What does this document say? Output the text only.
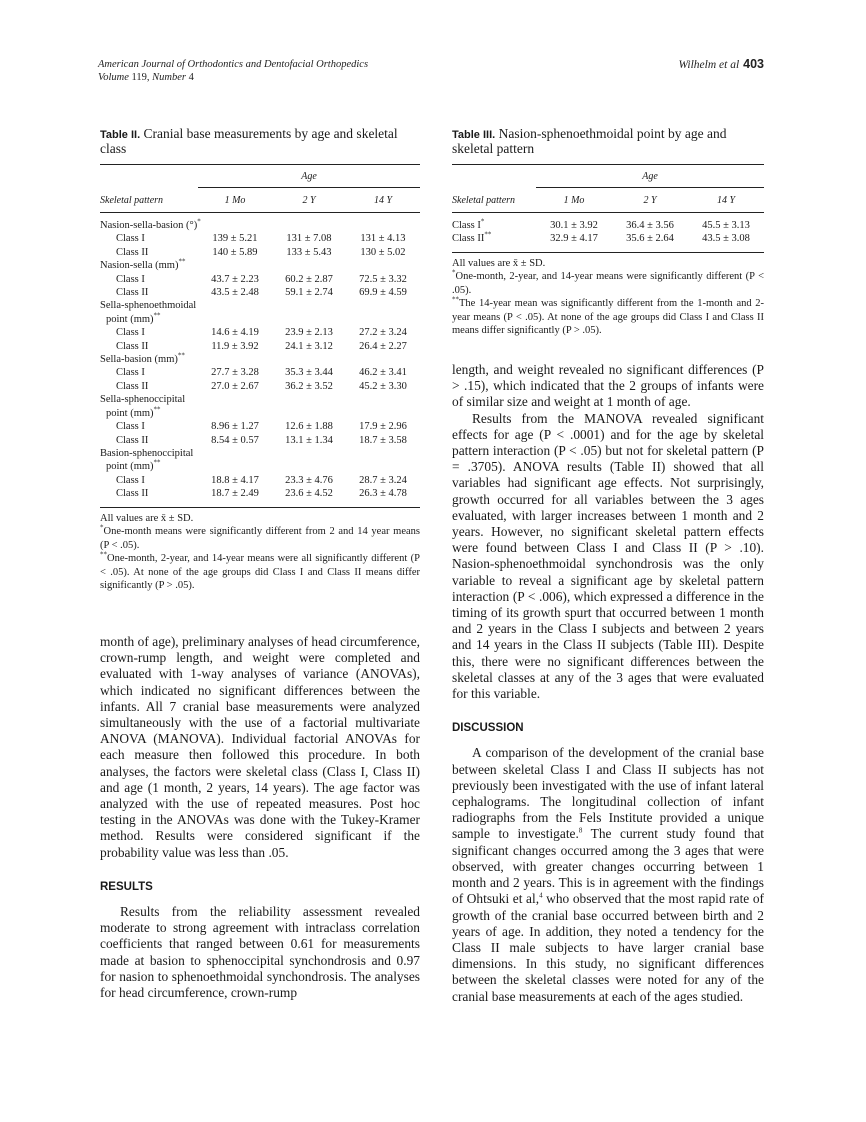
American Journal of Orthodontics and Dentofacial Orthopedics
Volume 119, Number 4
Wilhelm et al 403
Table II. Cranial base measurements by age and skeletal class
	Age		

Skeletal pattern	1 Mo	2 Y	14 Y

Nasion-sella-basion (°)*
Class I	139 ± 5.21	131 ± 7.08	131 ± 4.13
Class II	140 ± 5.89	133 ± 5.43	130 ± 5.02
Nasion-sella (mm)**
Class I	43.7 ± 2.23	60.2 ± 2.87	72.5 ± 3.32
Class II	43.5 ± 2.48	59.1 ± 2.74	69.9 ± 4.59
Sella-sphenoethmoidal			
point (mm)**
Class I	14.6 ± 4.19	23.9 ± 2.13	27.2 ± 3.24
Class II	11.9 ± 3.92	24.1 ± 3.12	26.4 ± 2.27
Sella-basion (mm)**
Class I	27.7 ± 3.28	35.3 ± 3.44	46.2 ± 3.41
Class II	27.0 ± 2.67	36.2 ± 3.52	45.2 ± 3.30
Sella-sphenoccipital			
point (mm)**
Class I	8.96 ± 1.27	12.6 ± 1.88	17.9 ± 2.96
Class II	8.54 ± 0.57	13.1 ± 1.34	18.7 ± 3.58
Basion-sphenoccipital			
point (mm)**
Class I	18.8 ± 4.17	23.3 ± 4.76	28.7 ± 3.24
Class II	18.7 ± 2.49	23.6 ± 4.52	26.3 ± 4.78

All values are x̄ ± SD.

*One-month means were significantly different from 2 and 14 year means (P < .05).

**One-month, 2-year, and 14-year means were all significantly different (P < .05). At none of the age groups did Class I and Class II means differ significantly (P > .05).

month of age), preliminary analyses of head circumference, crown-rump length, and weight were completed and evaluated with 1-way analyses of variance (ANOVAs), which indicated no significant differences between the infants. All 7 cranial base measurements were analyzed simultaneously with the use of a factorial multivariate ANOVA (MANOVA). Individual factorial ANOVAs for each measure then followed this procedure. In both analyses, the factors were skeletal class (Class I, Class II) and age (1 month, 2 years, 14 years). The age factor was analyzed with the use of repeated measures. Post hoc testing in the ANOVAs was done with the Tukey-Kramer method. Results were considered significant if the probability value was less than .05.

RESULTS

Results from the reliability assessment revealed moderate to strong agreement with intraclass correlation coefficients that ranged between 0.61 for measurements made at basion to sphenoccipital synchondrosis and 0.97 for nasion to sphenoethmoidal synchondrosis. The analyses for head circumference, crown-rump

Table III. Nasion-sphenoethmoidal point by age and skeletal pattern
	Age		

Skeletal pattern	1 Mo	2 Y	14 Y

Class I*	30.1 ± 3.92	36.4 ± 3.56	45.5 ± 3.13
Class II**	32.9 ± 4.17	35.6 ± 2.64	43.5 ± 3.08

All values are x̄ ± SD.

*One-month, 2-year, and 14-year means were significantly different (P < .05).

**The 14-year mean was significantly different from the 1-month and 2-year means (P < .05). At none of the age groups did Class I and Class II means differ significantly (P > .05).

length, and weight revealed no significant differences (P > .15), which indicated that the 2 groups of infants were of similar size and weight at 1 month of age.

Results from the MANOVA revealed significant effects for age (P < .0001) and for the age by skeletal pattern interaction (P < .05) but not for skeletal pattern (P = .3705). ANOVA results (Table II) showed that all variables had significant age effects. Not surprisingly, growth occurred for all variables between the 3 ages evaluated, with larger increases between 1 month and 2 years. However, no significant skeletal pattern effects were found between Class I and Class II (P > .10). Nasion-sphenoethmoidal synchondrosis was the only variable to reveal a significant age by skeletal pattern interaction (P < .006), which expressed a difference in the timing of its growth spurt that occurred between 1 month and 2 years in the Class I subjects and between 2 years and 14 years in the Class II subjects (Table III). Despite this, there were no significant differences between the skeletal classes at any of the 3 ages that were evaluated for this variable.

DISCUSSION

A comparison of the development of the cranial base between skeletal Class I and Class II subjects has not previously been investigated with the use of infant lateral cephalograms. The longitudinal collection of infant radiographs from the Fels Institute provided a unique sample to investigate.$^8$ The current study found that significant changes occurred among the 3 ages that were observed, with greater changes occurring between 1 month and 2 years. This is in agreement with the findings of Ohtsuki et al,$^4$ who observed that the most rapid rate of growth of the cranial base occurred between birth and 2 years of age. In addition, they noted a tendency for the Class II male subjects to have larger cranial base dimensions. In this study, no significant differences between the skeletal classes were noted for any of the cranial base measurements at each of the ages studied.
